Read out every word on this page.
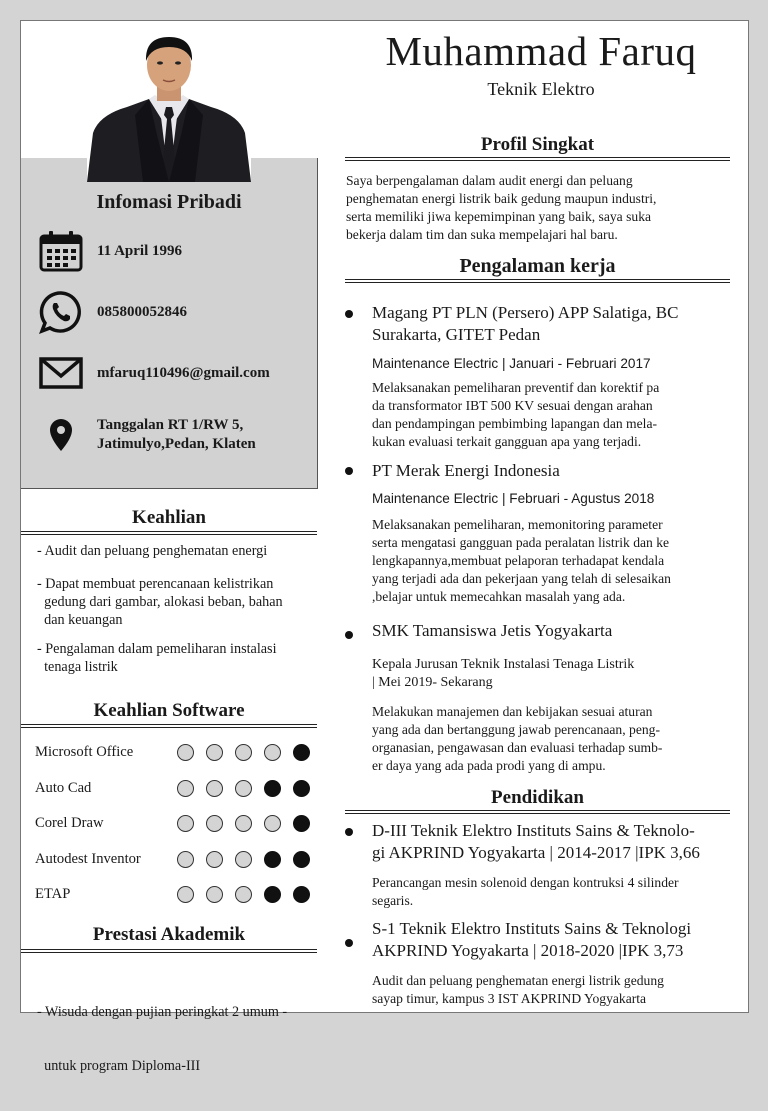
Muhammad Faruq
Teknik Elektro
Infomasi Pribadi
11 April 1996
085800052846
mfaruq110496@gmail.com
Tanggalan RT 1/RW 5,
Jatimulyo,Pedan, Klaten
Keahlian
- Audit dan peluang penghematan energi
- Dapat membuat perencanaan kelistrikan
gedung dari gambar, alokasi beban, bahan
dan keuangan
- Pengalaman dalam pemeliharan instalasi
tenaga listrik
Keahlian Software
Microsoft Office
Auto Cad
Corel Draw
Autodest Inventor
ETAP
Prestasi Akademik

- Wisuda dengan pujian peringkat 2 umum -

untuk program Diploma-III

Profil Singkat
Saya berpengalaman dalam audit energi dan peluang
penghematan energi listrik baik gedung maupun industri,
serta memiliki jiwa kepemimpinan yang baik, saya suka
bekerja dalam tim dan suka mempelajari hal baru.
Pengalaman kerja
Magang PT PLN (Persero) APP Salatiga, BC
Surakarta, GITET Pedan
Maintenance Electric | Januari - Februari 2017
Melaksanakan pemeliharan preventif dan korektif pa
da transformator IBT 500 KV sesuai dengan arahan
dan pendampingan pembimbing lapangan dan mela-
kukan evaluasi terkait gangguan apa yang terjadi.
PT Merak Energi Indonesia
Maintenance Electric | Februari - Agustus 2018
Melaksanakan pemeliharan, memonitoring parameter
serta mengatasi gangguan pada peralatan listrik dan ke
lengkapannya,membuat pelaporan terhadapat kendala
yang terjadi ada dan pekerjaan yang telah di selesaikan
,belajar untuk memecahkan masalah yang ada.
SMK Tamansiswa Jetis Yogyakarta
Kepala Jurusan Teknik Instalasi Tenaga Listrik
| Mei 2019- Sekarang
Melakukan manajemen dan kebijakan sesuai aturan
yang ada dan bertanggung jawab perencanaan, peng-
organasian, pengawasan dan evaluasi terhadap sumb-
er daya yang ada pada prodi yang di ampu.
Pendidikan
D-III Teknik Elektro Instituts Sains & Teknolo-
gi AKPRIND Yogyakarta | 2014-2017 |IPK 3,66
Perancangan mesin solenoid dengan kontruksi 4 silinder
segaris.
S-1 Teknik Elektro Instituts Sains & Teknologi
AKPRIND Yogyakarta | 2018-2020 |IPK 3,73
Audit dan peluang penghematan energi listrik gedung
sayap timur, kampus 3 IST AKPRIND Yogyakarta
